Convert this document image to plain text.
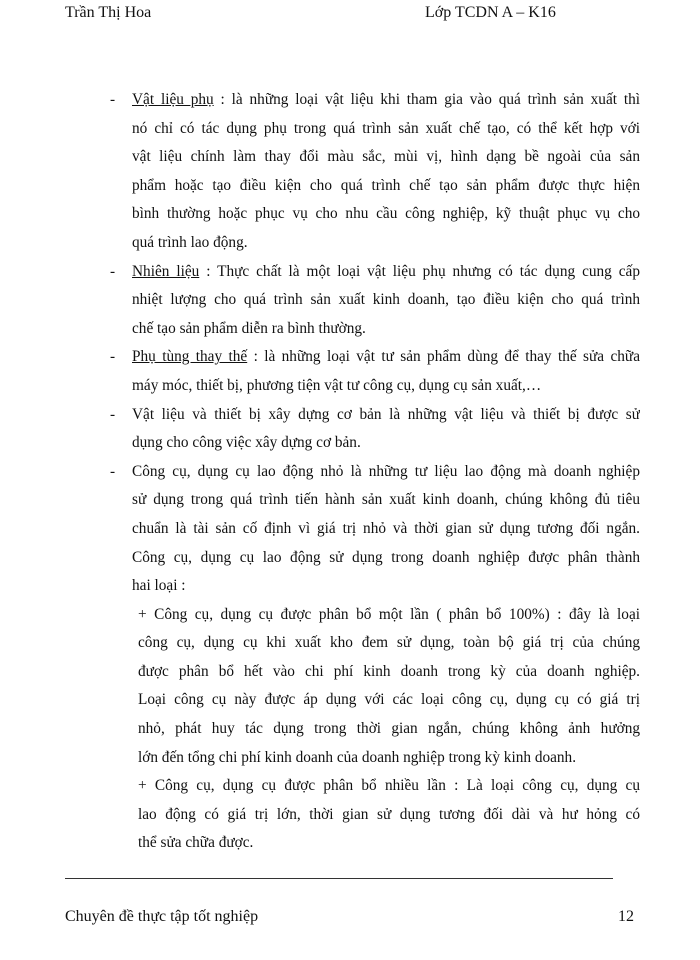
Trần Thị Hoa	Lớp TCDN A – K16
- Vật liệu phụ : là những loại vật liệu khi tham gia vào quá trình sản xuất thì
nó chỉ có tác dụng phụ trong quá trình sản xuất chế tạo, có thể kết hợp với
vật liệu chính làm thay đổi màu sắc, mùi vị, hình dạng bề ngoài của sản
phẩm hoặc tạo điều kiện cho quá trình chế tạo sản phẩm được thực hiện
bình thường hoặc phục vụ cho nhu cầu công nghiệp, kỹ thuật phục vụ cho
quá trình lao động.
- Nhiên liệu : Thực chất là một loại vật liệu phụ nhưng có tác dụng cung cấp
nhiệt lượng cho quá trình sản xuất kinh doanh, tạo điều kiện cho quá trình
chế tạo sản phẩm diễn ra bình thường.
- Phụ tùng thay thế : là những loại vật tư sản phẩm dùng để thay thế sửa chữa
máy móc, thiết bị, phương tiện vật tư công cụ, dụng cụ sản xuất,…
- Vật liệu và thiết bị xây dựng cơ bản là những vật liệu và thiết bị được sử
dụng cho công việc xây dựng cơ bản.
- Công cụ, dụng cụ lao động nhỏ là những tư liệu lao động mà doanh nghiệp
sử dụng trong quá trình tiến hành sản xuất kinh doanh, chúng không đủ tiêu
chuẩn là tài sản cố định vì giá trị nhỏ và thời gian sử dụng tương đối ngắn.
Công cụ, dụng cụ lao động sử dụng trong doanh nghiệp được phân thành
hai loại :
+ Công cụ, dụng cụ được phân bổ một lần ( phân bổ 100%) : đây là loại
công cụ, dụng cụ khi xuất kho đem sử dụng, toàn bộ giá trị của chúng
được phân bổ hết vào chi phí kinh doanh trong kỳ của doanh nghiệp.
Loại công cụ này được áp dụng với các loại công cụ, dụng cụ có giá trị
nhỏ, phát huy tác dụng trong thời gian ngắn, chúng không ảnh hưởng
lớn đến tổng chi phí kinh doanh của doanh nghiệp trong kỳ kinh doanh.
+ Công cụ, dụng cụ được phân bổ nhiều lần : Là loại công cụ, dụng cụ
lao động có giá trị lớn, thời gian sử dụng tương đối dài và hư hỏng có
thể sửa chữa được.
Chuyên đề thực tập tốt nghiệp	12
